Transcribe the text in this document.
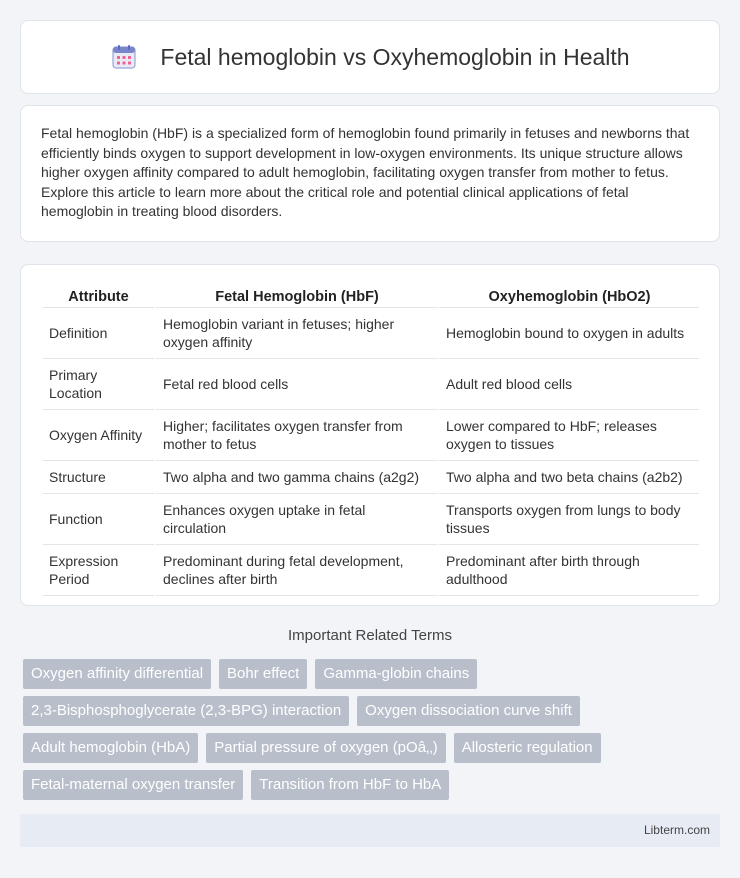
Fetal hemoglobin vs Oxyhemoglobin in Health

Fetal hemoglobin (HbF) is a specialized form of hemoglobin found primarily in fetuses and newborns that efficiently binds oxygen to support development in low-oxygen environments. Its unique structure allows higher oxygen affinity compared to adult hemoglobin, facilitating oxygen transfer from mother to fetus. Explore this article to learn more about the critical role and potential clinical applications of fetal hemoglobin in treating blood disorders.

Attribute	Fetal Hemoglobin (HbF)	Oxyhemoglobin (HbO2)
Definition	Hemoglobin variant in fetuses; higher oxygen affinity	Hemoglobin bound to oxygen in adults
Primary Location	Fetal red blood cells	Adult red blood cells
Oxygen Affinity	Higher; facilitates oxygen transfer from mother to fetus	Lower compared to HbF; releases oxygen to tissues
Structure	Two alpha and two gamma chains (a2g2)	Two alpha and two beta chains (a2b2)
Function	Enhances oxygen uptake in fetal circulation	Transports oxygen from lungs to body tissues
Expression Period	Predominant during fetal development, declines after birth	Predominant after birth through adulthood
Important Related Terms
Oxygen affinity differential	Bohr effect	Gamma-globin chains
2,3-Bisphosphoglycerate (2,3-BPG) interaction	Oxygen dissociation curve shift
Adult hemoglobin (HbA)	Partial pressure of oxygen (pOâ‚‚)	Allosteric regulation
Fetal-maternal oxygen transfer	Transition from HbF to HbA
Libterm.com
